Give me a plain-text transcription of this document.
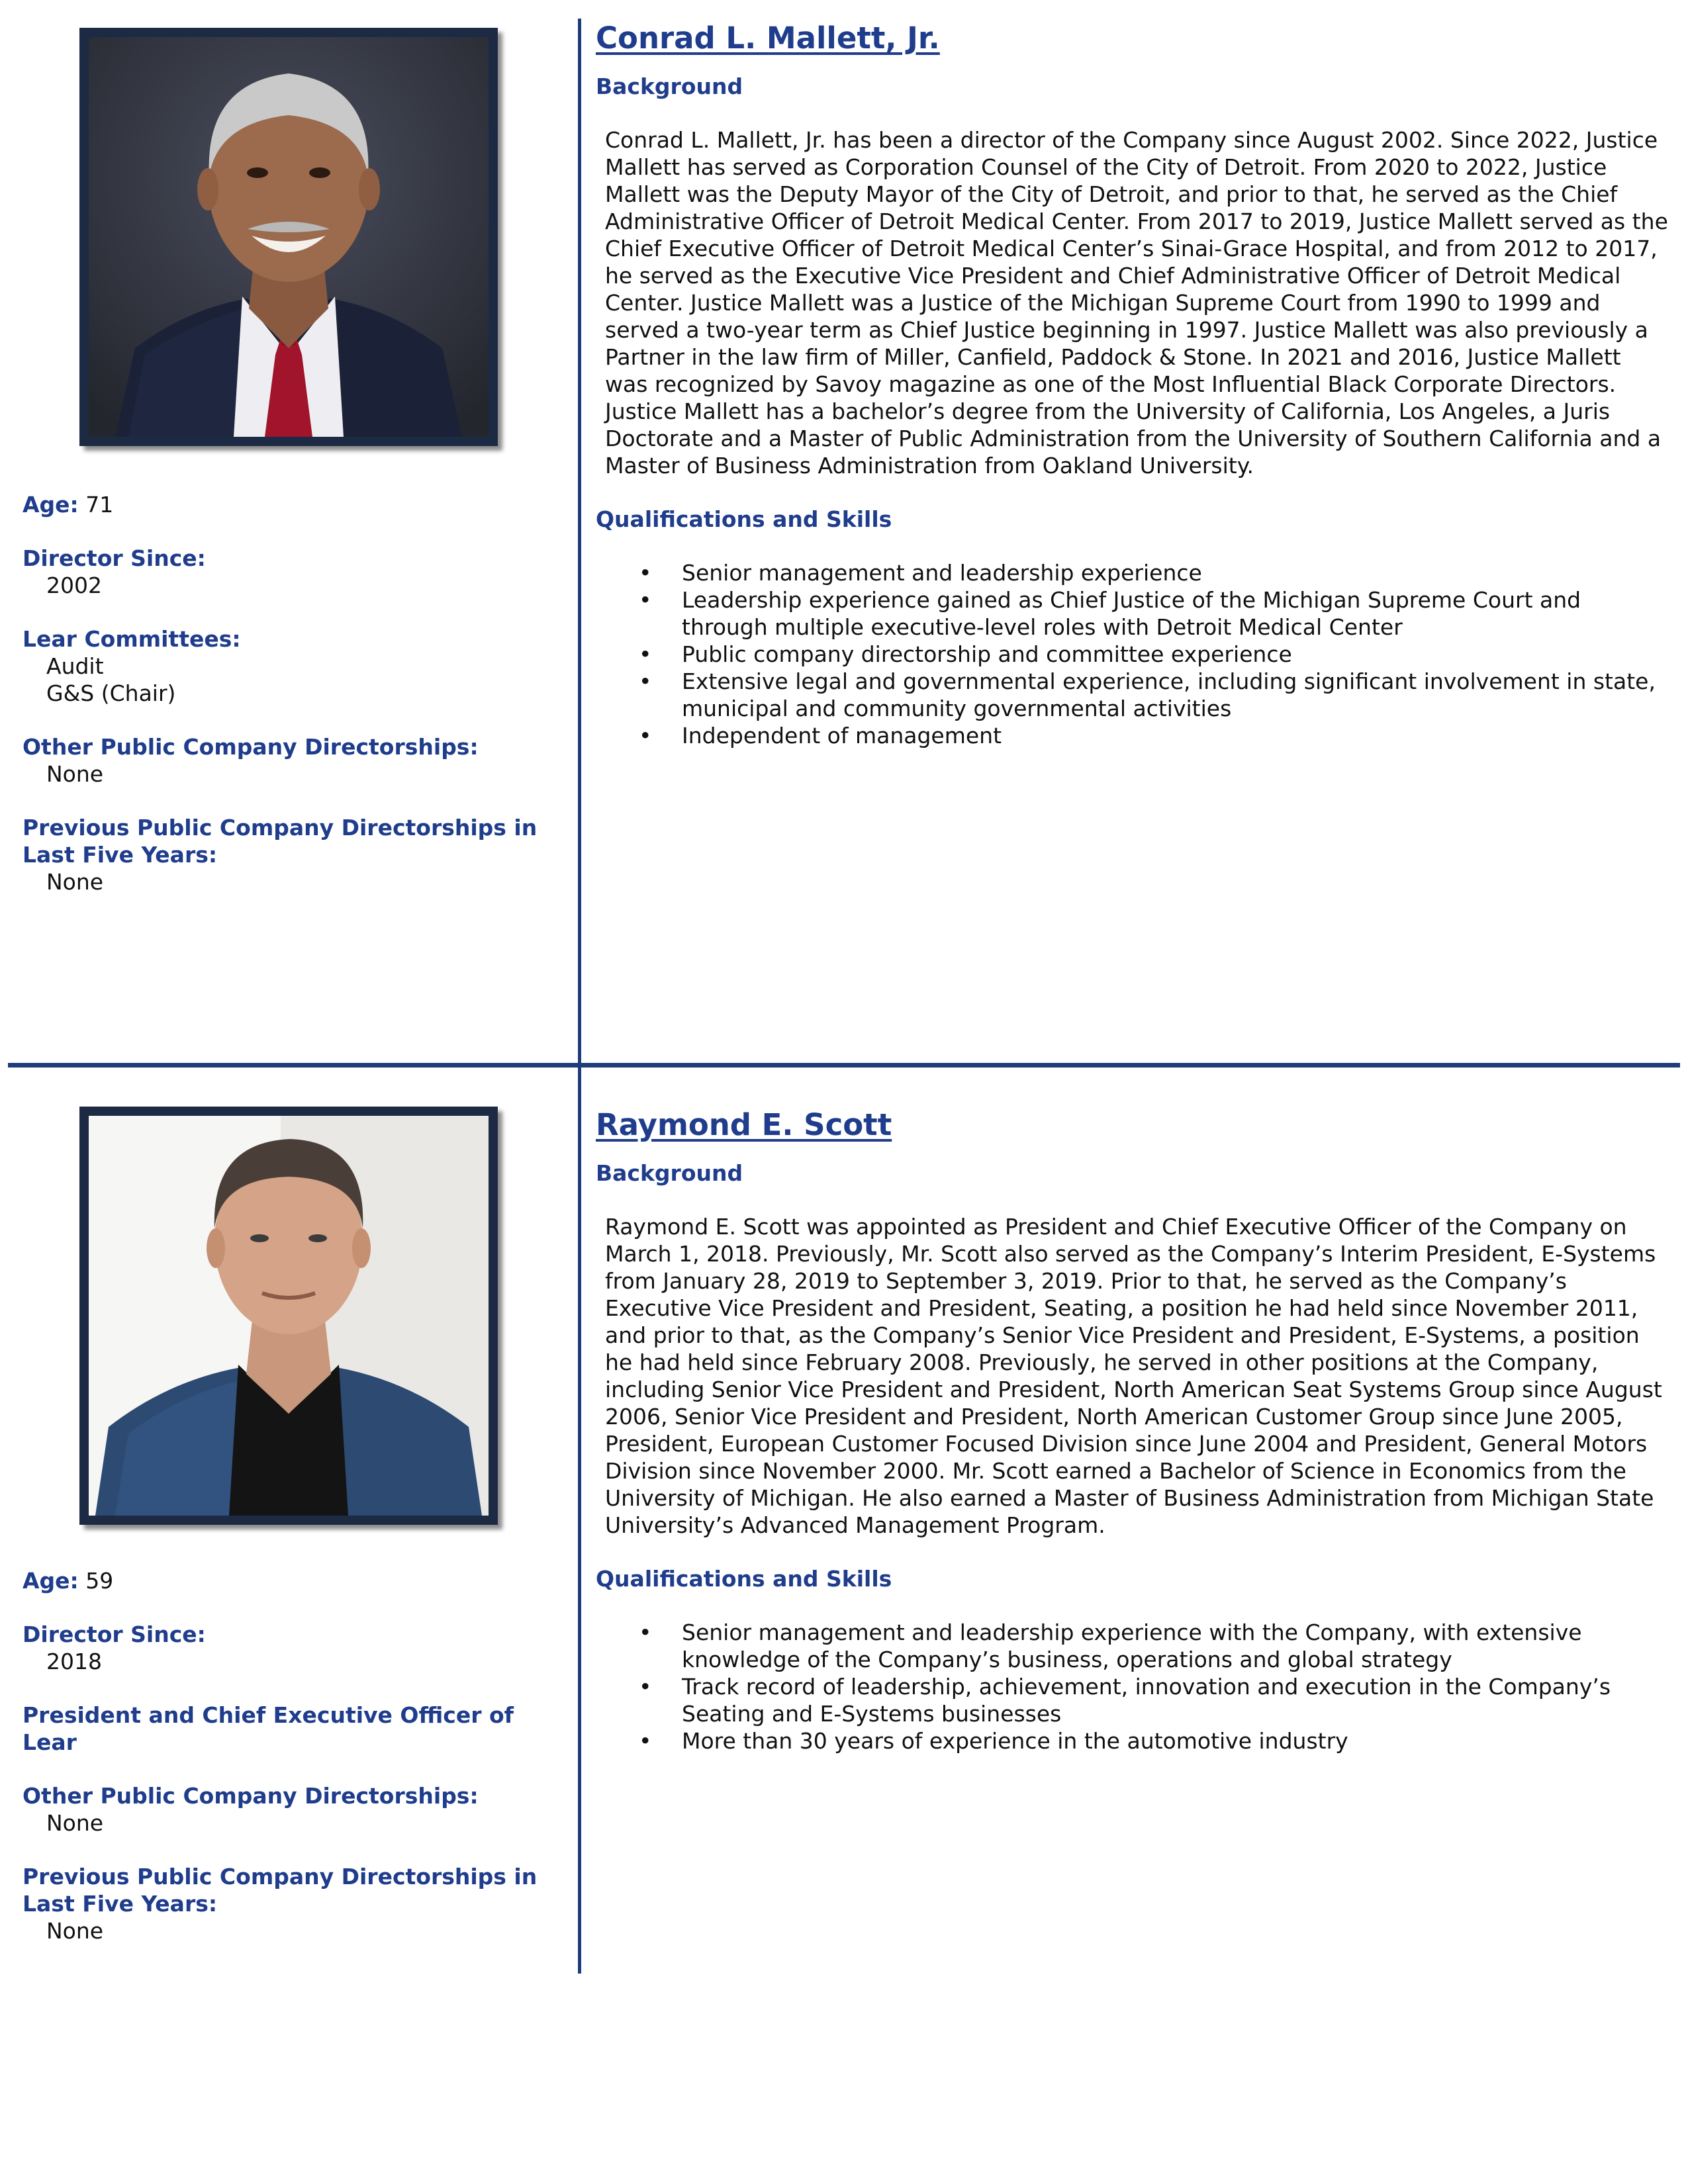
Age: 71
Director Since:
2002
Lear Committees:
Audit
G&S (Chair)
Other Public Company Directorships:
None
Previous Public Company Directorships in Last Five Years:
None
Conrad L. Mallett, Jr.
Background

Conrad L. Mallett, Jr. has been a director of the Company since August 2002. Since 2022, Justice Mallett has served as Corporation Counsel of the City of Detroit. From 2020 to 2022, Justice Mallett was the Deputy Mayor of the City of Detroit, and prior to that, he served as the Chief Administrative Officer of Detroit Medical Center. From 2017 to 2019, Justice Mallett served as the Chief Executive Officer of Detroit Medical Center’s Sinai-Grace Hospital, and from 2012 to 2017, he served as the Executive Vice President and Chief Administrative Officer of Detroit Medical Center. Justice Mallett was a Justice of the Michigan Supreme Court from 1990 to 1999 and served a two-year term as Chief Justice beginning in 1997. Justice Mallett was also previously a Partner in the law firm of Miller, Canfield, Paddock & Stone. In 2021 and 2016, Justice Mallett was recognized by Savoy magazine as one of the Most Influential Black Corporate Directors. Justice Mallett has a bachelor’s degree from the University of California, Los Angeles, a Juris Doctorate and a Master of Public Administration from the University of Southern California and a Master of Business Administration from Oakland University.

Qualifications and Skills
• Senior management and leadership experience
• Leadership experience gained as Chief Justice of the Michigan Supreme Court and through multiple executive-level roles with Detroit Medical Center
• Public company directorship and committee experience
• Extensive legal and governmental experience, including significant involvement in state, municipal and community governmental activities
• Independent of management
Age: 59
Director Since:
2018
President and Chief Executive Officer of Lear
Other Public Company Directorships:
None
Previous Public Company Directorships in Last Five Years:
None
Raymond E. Scott
Background

Raymond E. Scott was appointed as President and Chief Executive Officer of the Company on March 1, 2018. Previously, Mr. Scott also served as the Company’s Interim President, E-Systems from January 28, 2019 to September 3, 2019. Prior to that, he served as the Company’s Executive Vice President and President, Seating, a position he had held since November 2011, and prior to that, as the Company’s Senior Vice President and President, E-Systems, a position he had held since February 2008. Previously, he served in other positions at the Company, including Senior Vice President and President, North American Seat Systems Group since August 2006, Senior Vice President and President, North American Customer Group since June 2005, President, European Customer Focused Division since June 2004 and President, General Motors Division since November 2000. Mr. Scott earned a Bachelor of Science in Economics from the University of Michigan. He also earned a Master of Business Administration from Michigan State University’s Advanced Management Program.

Qualifications and Skills
• Senior management and leadership experience with the Company, with extensive knowledge of the Company’s business, operations and global strategy
• Track record of leadership, achievement, innovation and execution in the Company’s Seating and E-Systems businesses
• More than 30 years of experience in the automotive industry
